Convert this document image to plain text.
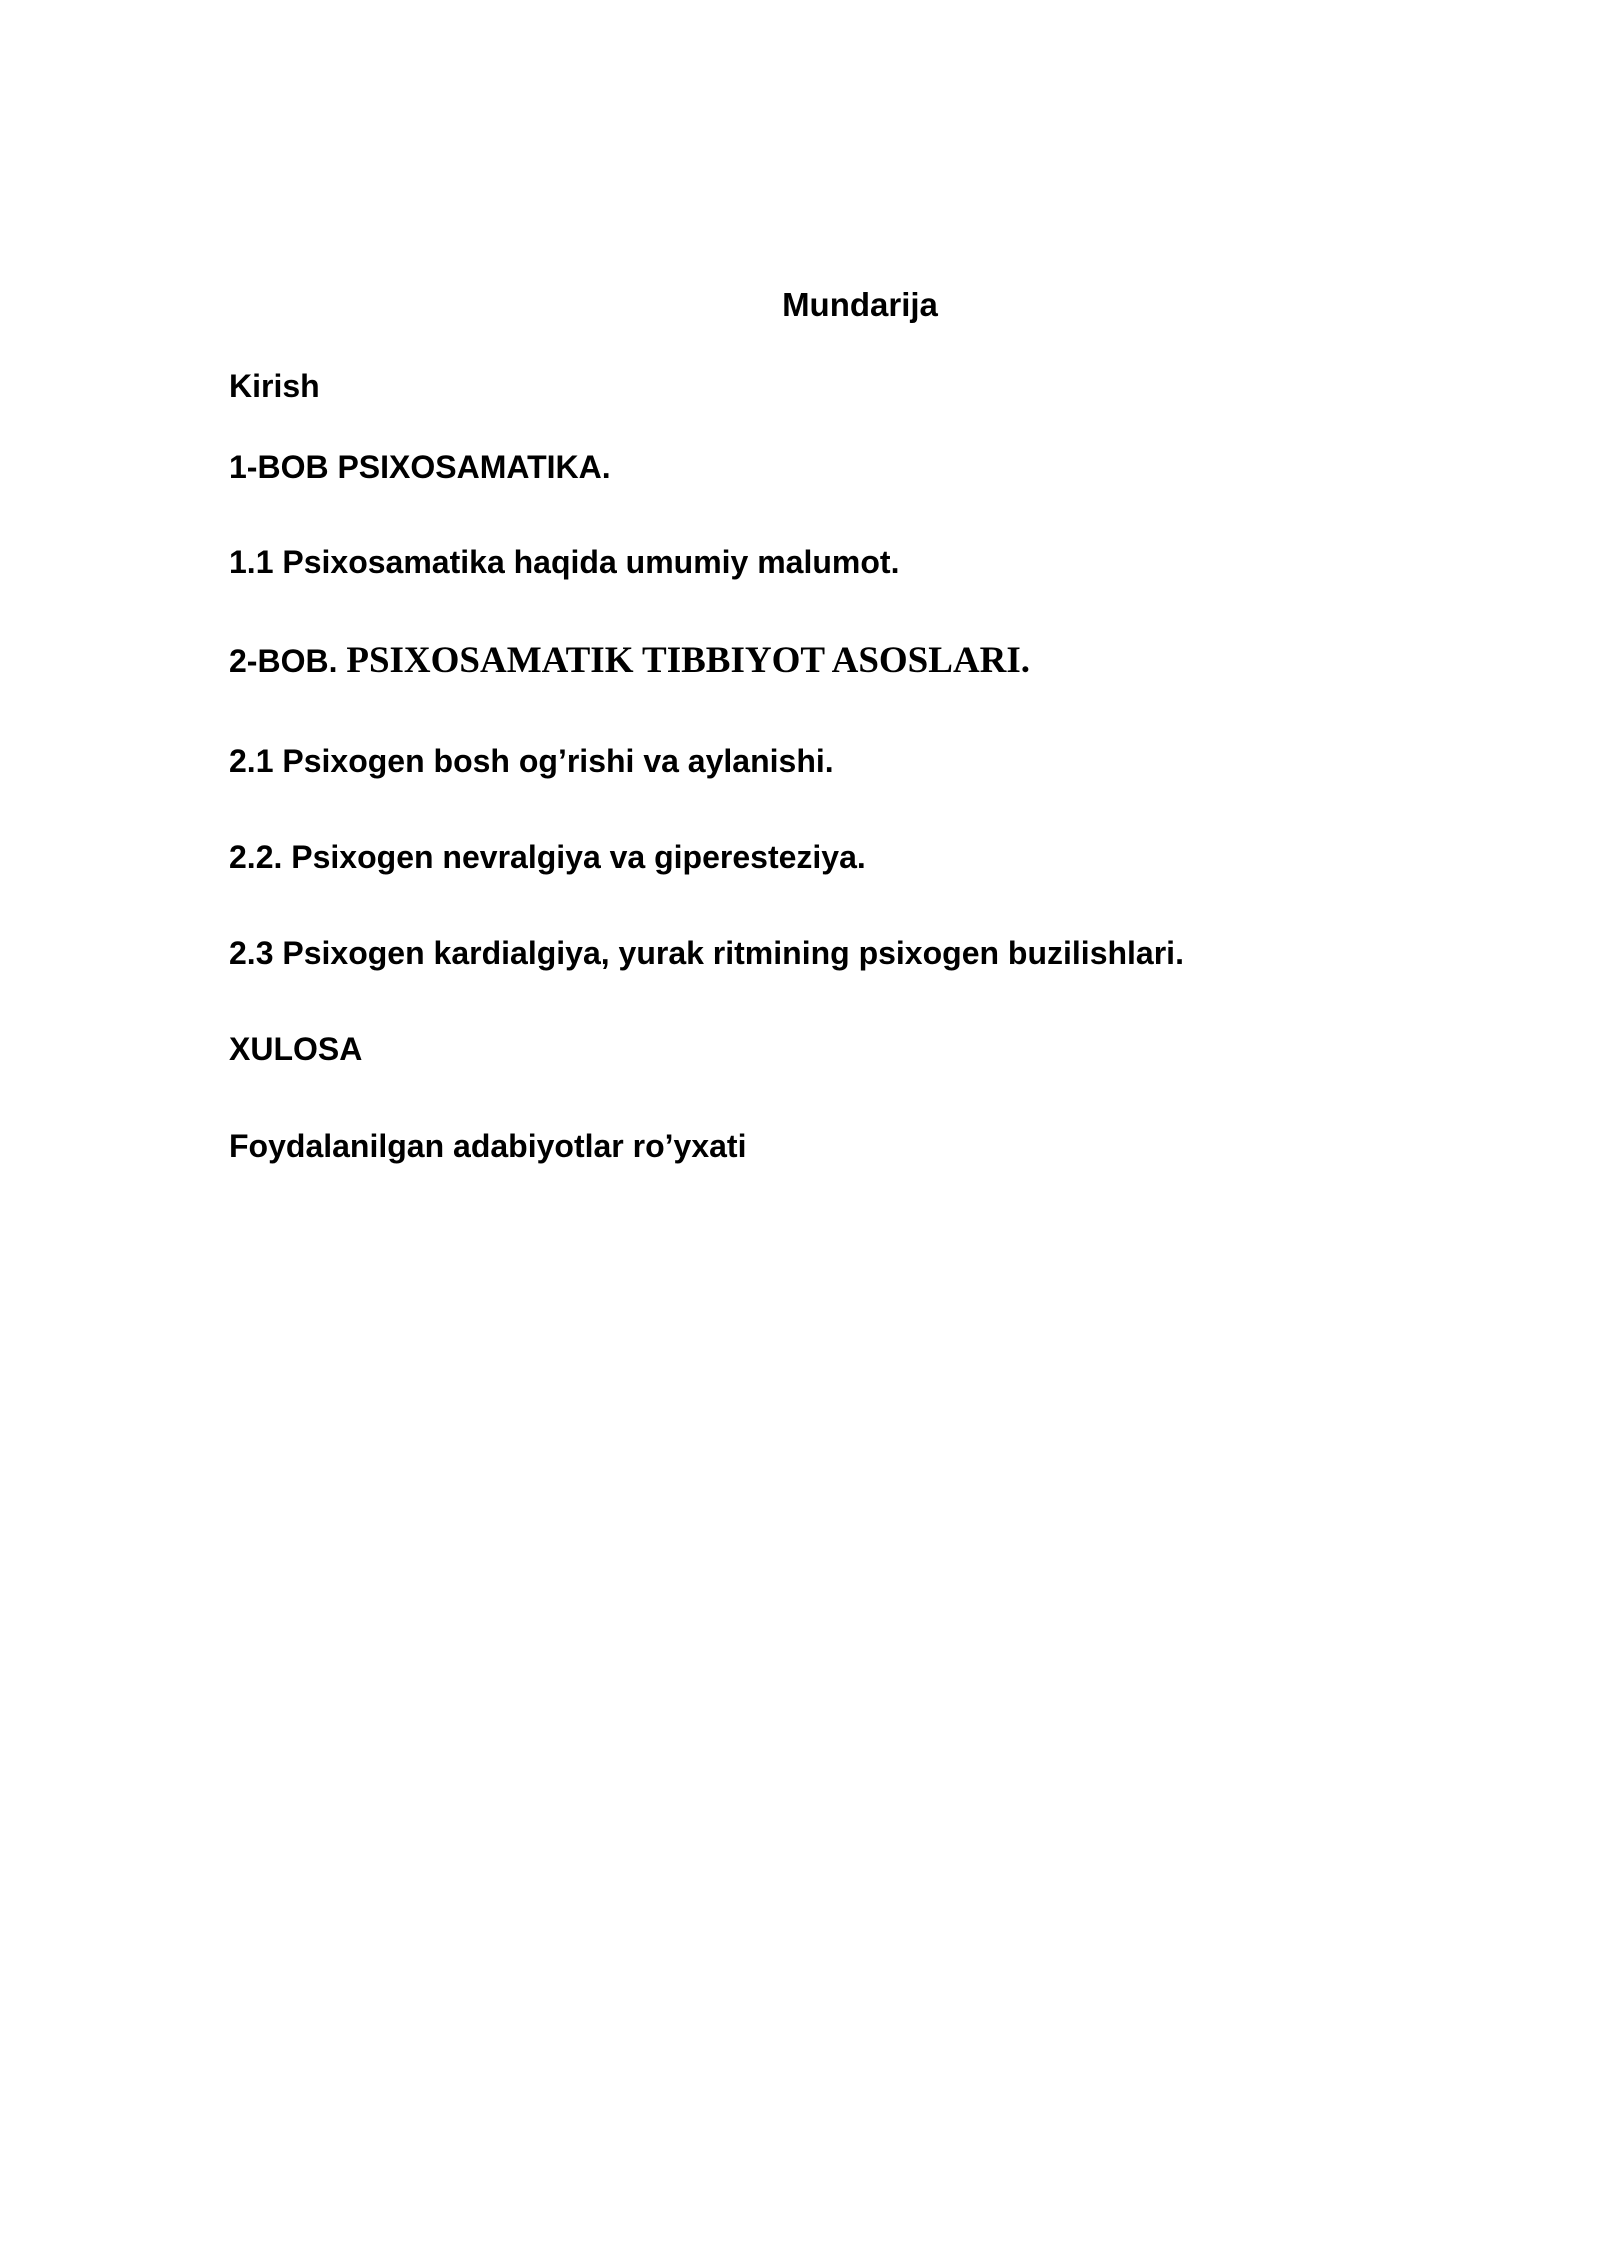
Mundarija

Kirish

1-BOB PSIXOSAMATIKA.

1.1 Psixosamatika haqida umumiy malumot.

2-BOB. PSIXOSAMATIK TIBBIYOT ASOSLARI.

2.1 Psixogen bosh og’rishi va aylanishi.

2.2. Psixogen nevralgiya va giperesteziya.

2.3 Psixogen kardialgiya, yurak ritmining psixogen buzilishlari.

XULOSA

Foydalanilgan adabiyotlar ro’yxati
